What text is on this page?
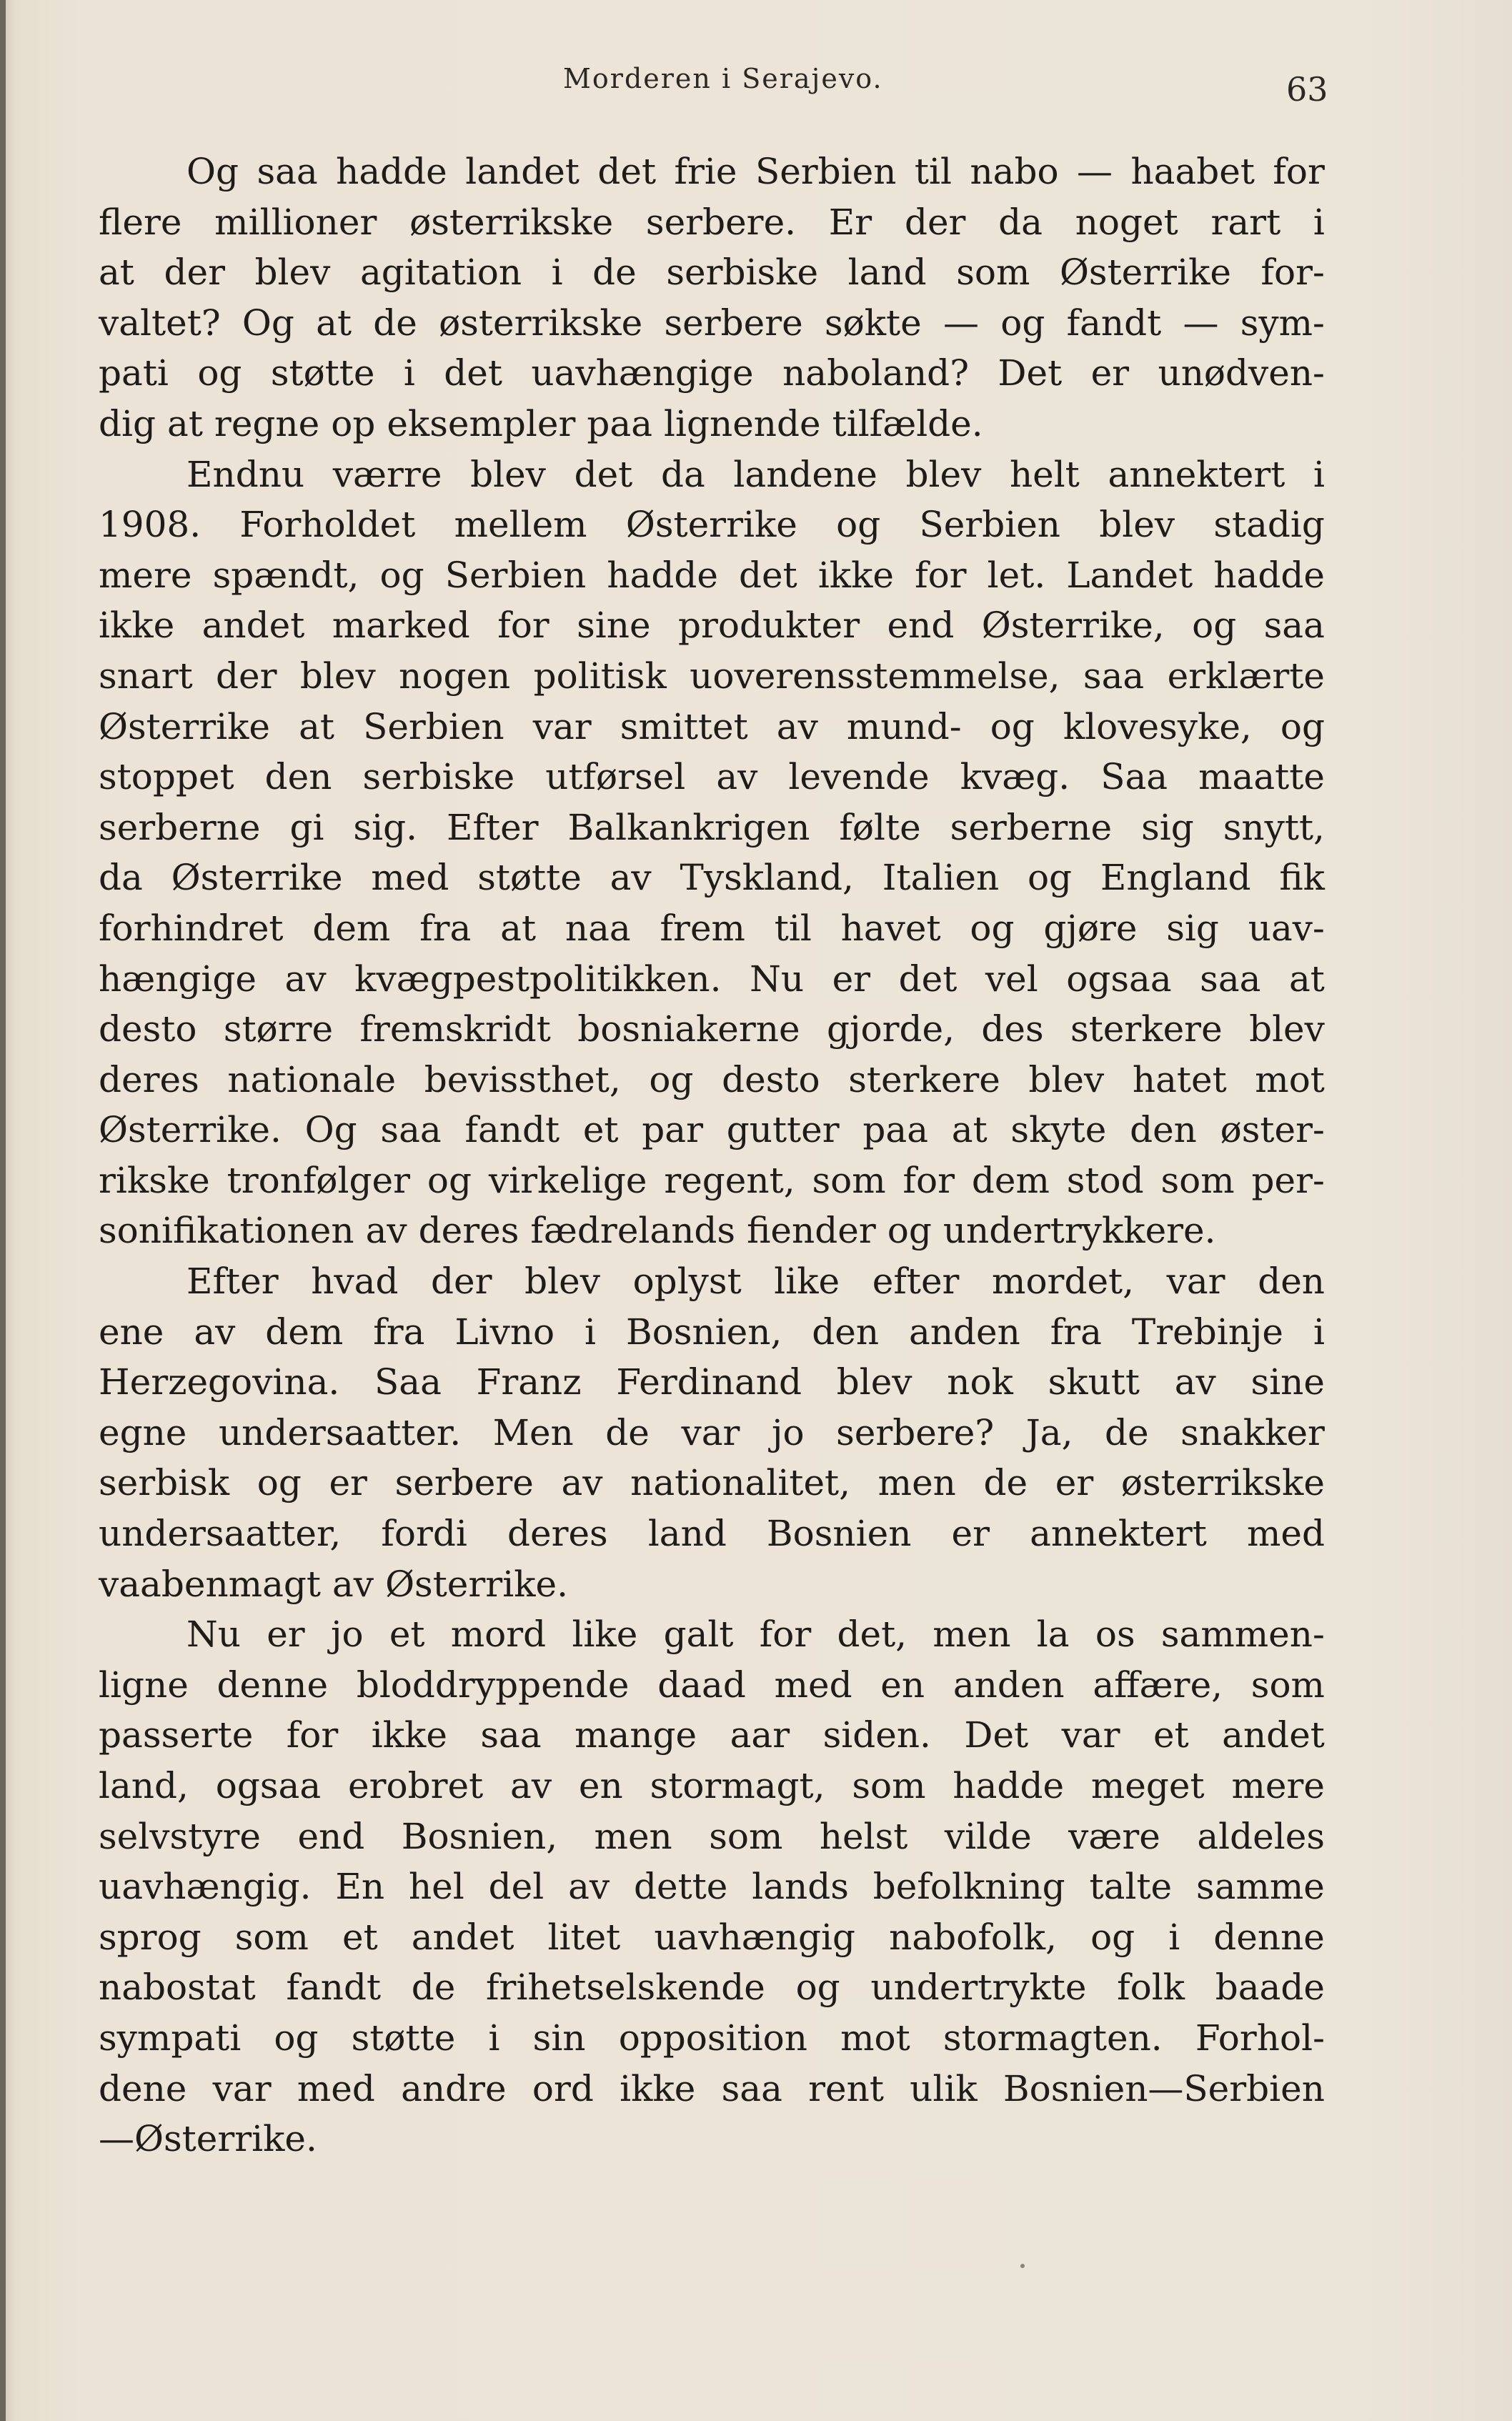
Morderen i Serajevo.	63
Og saa hadde landet det frie Serbien til nabo — haabet for
flere millioner østerrikske serbere. Er der da noget rart i
at der blev agitation i de serbiske land som Østerrike for-
valtet? Og at de østerrikske serbere søkte — og fandt — sym-
pati og støtte i det uavhængige naboland? Det er unødven-
dig at regne op eksempler paa lignende tilfælde.
Endnu værre blev det da landene blev helt annektert i
1908. Forholdet mellem Østerrike og Serbien blev stadig
mere spændt, og Serbien hadde det ikke for let. Landet hadde
ikke andet marked for sine produkter end Østerrike, og saa
snart der blev nogen politisk uoverensstemmelse, saa erklærte
Østerrike at Serbien var smittet av mund- og klovesyke, og
stoppet den serbiske utførsel av levende kvæg. Saa maatte
serberne gi sig. Efter Balkankrigen følte serberne sig snytt,
da Østerrike med støtte av Tyskland, Italien og England fik
forhindret dem fra at naa frem til havet og gjøre sig uav-
hængige av kvægpestpolitikken. Nu er det vel ogsaa saa at
desto større fremskridt bosniakerne gjorde, des sterkere blev
deres nationale bevissthet, og desto sterkere blev hatet mot
Østerrike. Og saa fandt et par gutter paa at skyte den øster-
rikske tronfølger og virkelige regent, som for dem stod som per-
sonifikationen av deres fædrelands fiender og undertrykkere.
Efter hvad der blev oplyst like efter mordet, var den
ene av dem fra Livno i Bosnien, den anden fra Trebinje i
Herzegovina. Saa Franz Ferdinand blev nok skutt av sine
egne undersaatter. Men de var jo serbere? Ja, de snakker
serbisk og er serbere av nationalitet, men de er østerrikske
undersaatter, fordi deres land Bosnien er annektert med
vaabenmagt av Østerrike.
Nu er jo et mord like galt for det, men la os sammen-
ligne denne bloddryppende daad med en anden affære, som
passerte for ikke saa mange aar siden. Det var et andet
land, ogsaa erobret av en stormagt, som hadde meget mere
selvstyre end Bosnien, men som helst vilde være aldeles
uavhængig. En hel del av dette lands befolkning talte samme
sprog som et andet litet uavhængig nabofolk, og i denne
nabostat fandt de frihetselskende og undertrykte folk baade
sympati og støtte i sin opposition mot stormagten. Forhol-
dene var med andre ord ikke saa rent ulik Bosnien—Serbien
—Østerrike.
